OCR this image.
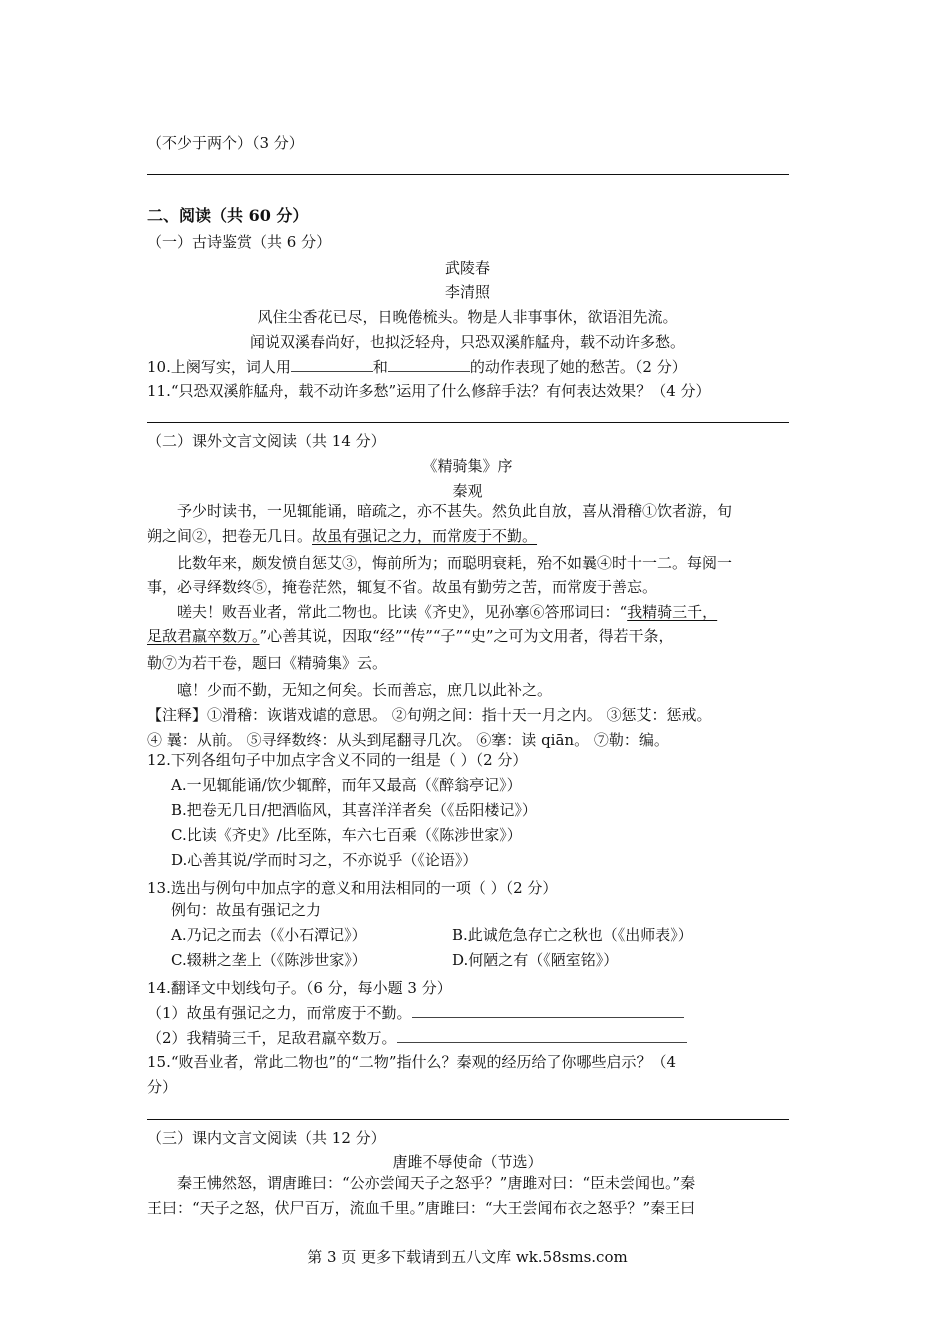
（不少于两个）（3 分）
二、阅读（共 60 分）
（一）古诗鉴赏（共 6 分）
武陵春
李清照
风住尘香花已尽，日晚倦梳头。物是人非事事休，欲语泪先流。
闻说双溪春尚好，也拟泛轻舟，只恐双溪舴艋舟，载不动许多愁。
10.上阕写实，词人用	和	的动作表现了她的愁苦。（2 分）
11.“只恐双溪舴艋舟，载不动许多愁”运用了什么修辞手法？有何表达效果？（4 分）
（二）课外文言文阅读（共 14 分）
《精骑集》序
秦观
予少时读书，一见辄能诵，暗疏之，亦不甚失。然负此自放，喜从滑稽①饮者游，旬
朔之间②，把卷无几日。故虽有强记之力，而常废于不勤。
比数年来，颇发愤自惩艾③，悔前所为；而聪明衰耗，殆不如曩④时十一二。每阅一
事，必寻绎数终⑤，掩卷茫然，辄复不省。故虽有勤劳之苦，而常废于善忘。
嗟夫！败吾业者，常此二物也。比读《齐史》，见孙搴⑥答邢词曰：“我精骑三千，
足敌君羸卒数万。”心善其说，因取“经”“传”“子”“史”之可为文用者，得若干条，
勒⑦为若干卷，题曰《精骑集》云。
噫！少而不勤，无知之何矣。长而善忘，庶几以此补之。
【注释】①滑稽：诙谐戏谑的意思。 ②旬朔之间：指十天一月之内。 ③惩艾：惩戒。
④ 曩：从前。 ⑤寻绎数终：从头到尾翻寻几次。 ⑥搴：读 qiān。 ⑦勒：编。
12.下列各组句子中加点字含义不同的一组是（ ）（2 分）
A.一见辄能诵/饮少辄醉，而年又最高（《醉翁亭记》）
B.把卷无几日/把酒临风，其喜洋洋者矣（《岳阳楼记》）
C.比读《齐史》/比至陈，车六七百乘（《陈涉世家》）
D.心善其说/学而时习之，不亦说乎（《论语》）
13.选出与例句中加点字的意义和用法相同的一项（ ）（2 分）
例句：故虽有强记之力
A.乃记之而去（《小石潭记》）	B.此诚危急存亡之秋也（《出师表》）
C.辍耕之垄上（《陈涉世家》）	D.何陋之有（《陋室铭》）
14.翻译文中划线句子。（6 分，每小题 3 分）
（1）故虽有强记之力，而常废于不勤。
（2）我精骑三千，足敌君羸卒数万。
15.“败吾业者，常此二物也”的“二物”指什么？秦观的经历给了你哪些启示？（4
分）
（三）课内文言文阅读（共 12 分）
唐雎不辱使命（节选）
秦王怫然怒，谓唐雎曰：“公亦尝闻天子之怒乎？”唐雎对曰：“臣未尝闻也。”秦
王曰：“天子之怒，伏尸百万，流血千里。”唐雎曰：“大王尝闻布衣之怒乎？”秦王曰
第 3 页 更多下载请到五八文库 wk.58sms.com
